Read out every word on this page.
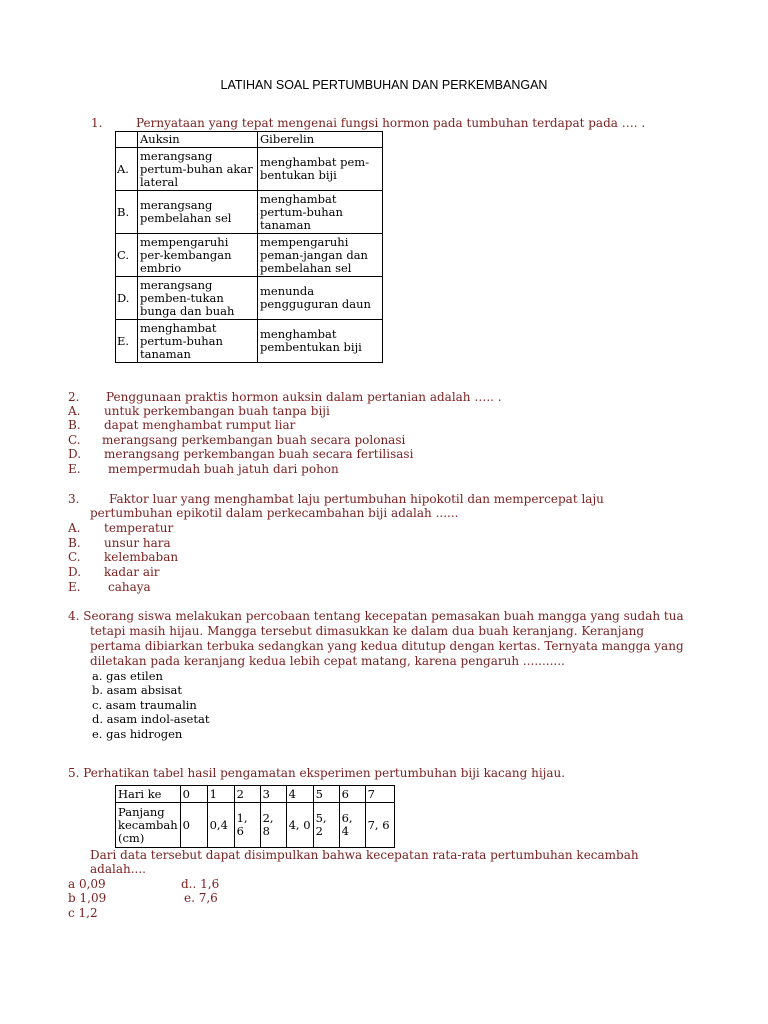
LATIHAN SOAL PERTUMBUHAN DAN PERKEMBANGAN
1.	Pernyataan yang tepat mengenai fungsi hormon pada tumbuhan terdapat pada …. .
	Auksin	Giberelin
A.	merangsang pertum-buhan akar lateral	menghambat pem-bentukan biji
B.	merangsang pembelahan sel	menghambat pertum-buhan tanaman
C.	mempengaruhi per-kembangan embrio	mempengaruhi peman-jangan dan pembelahan sel
D.	merangsang pemben-tukan bunga dan buah	menunda pengguguran daun
E.	menghambat pertum-buhan tanaman	menghambat pembentukan biji
2. Penggunaan praktis hormon auksin dalam pertanian adalah ….. .
A. untuk perkembangan buah tanpa biji
B. dapat menghambat rumput liar
C. merangsang perkembangan buah secara polonasi
D. merangsang perkembangan buah secara fertilisasi
E. mempermudah buah jatuh dari pohon
3. Faktor luar yang menghambat laju pertumbuhan hipokotil dan mempercepat laju
pertumbuhan epikotil dalam perkecambahan biji adalah ......
A. temperatur
B. unsur hara
C. kelembaban
D. kadar air
E. cahaya
4. Seorang siswa melakukan percobaan tentang kecepatan pemasakan buah mangga yang sudah tua
tetapi masih hijau. Mangga tersebut dimasukkan ke dalam dua buah keranjang. Keranjang
pertama dibiarkan terbuka sedangkan yang kedua ditutup dengan kertas. Ternyata mangga yang
diletakan pada keranjang kedua lebih cepat matang, karena pengaruh ...........
a. gas etilen
b. asam absisat
c. asam traumalin
d. asam indol-asetat
e. gas hidrogen
5. Perhatikan tabel hasil pengamatan eksperimen pertumbuhan biji kacang hijau.
Hari ke	0	1	2	3	4	5	6	7
Panjang kecambah (cm)	0	0,4	1, 6	2, 8	4, 0	5, 2	6, 4	7, 6
Dari data tersebut dapat disimpulkan bahwa kecepatan rata-rata pertumbuhan kecambah
adalah....
a 0,09	d.. 1,6
b 1,09	e. 7,6
c 1,2
